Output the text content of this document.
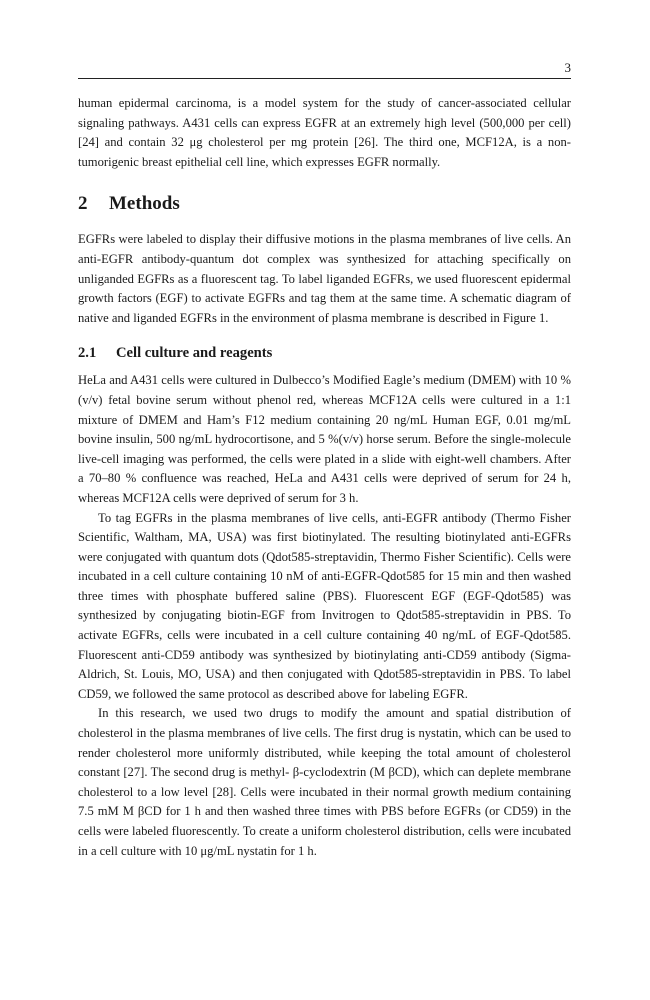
3

human epidermal carcinoma, is a model system for the study of cancer-associated cellular signaling pathways. A431 cells can express EGFR at an extremely high level (500,000 per cell) [24] and contain 32 μg cholesterol per mg protein [26]. The third one, MCF12A, is a non-tumorigenic breast epithelial cell line, which expresses EGFR normally.

2 Methods

EGFRs were labeled to display their diffusive motions in the plasma membranes of live cells. An anti-EGFR antibody-quantum dot complex was synthesized for attaching specifically on unliganded EGFRs as a fluorescent tag. To label liganded EGFRs, we used fluorescent epidermal growth factors (EGF) to activate EGFRs and tag them at the same time. A schematic diagram of native and liganded EGFRs in the environment of plasma membrane is described in Figure 1.

2.1 Cell culture and reagents

HeLa and A431 cells were cultured in Dulbecco’s Modified Eagle’s medium (DMEM) with 10 % (v/v) fetal bovine serum without phenol red, whereas MCF12A cells were cultured in a 1:1 mixture of DMEM and Ham’s F12 medium containing 20 ng/mL Human EGF, 0.01 mg/mL bovine insulin, 500 ng/mL hydrocortisone, and 5 %(v/v) horse serum. Before the single-molecule live-cell imaging was performed, the cells were plated in a slide with eight-well chambers. After a 70–80 % confluence was reached, HeLa and A431 cells were deprived of serum for 24 h, whereas MCF12A cells were deprived of serum for 3 h.

To tag EGFRs in the plasma membranes of live cells, anti-EGFR antibody (Thermo Fisher Scientific, Waltham, MA, USA) was first biotinylated. The resulting biotinylated anti-EGFRs were conjugated with quantum dots (Qdot585-streptavidin, Thermo Fisher Scientific). Cells were incubated in a cell culture containing 10 nM of anti-EGFR-Qdot585 for 15 min and then washed three times with phosphate buffered saline (PBS). Fluorescent EGF (EGF-Qdot585) was synthesized by conjugating biotin-EGF from Invitrogen to Qdot585-streptavidin in PBS. To activate EGFRs, cells were incubated in a cell culture containing 40 ng/mL of EGF-Qdot585. Fluorescent anti-CD59 antibody was synthesized by biotinylating anti-CD59 antibody (Sigma-Aldrich, St. Louis, MO, USA) and then conjugated with Qdot585-streptavidin in PBS. To label CD59, we followed the same protocol as described above for labeling EGFR.

In this research, we used two drugs to modify the amount and spatial distribution of cholesterol in the plasma membranes of live cells. The first drug is nystatin, which can be used to render cholesterol more uniformly distributed, while keeping the total amount of cholesterol constant [27]. The second drug is methyl- β-cyclodextrin (M βCD), which can deplete membrane cholesterol to a low level [28]. Cells were incubated in their normal growth medium containing 7.5 mM M βCD for 1 h and then washed three times with PBS before EGFRs (or CD59) in the cells were labeled fluorescently. To create a uniform cholesterol distribution, cells were incubated in a cell culture with 10 μg/mL nystatin for 1 h.
